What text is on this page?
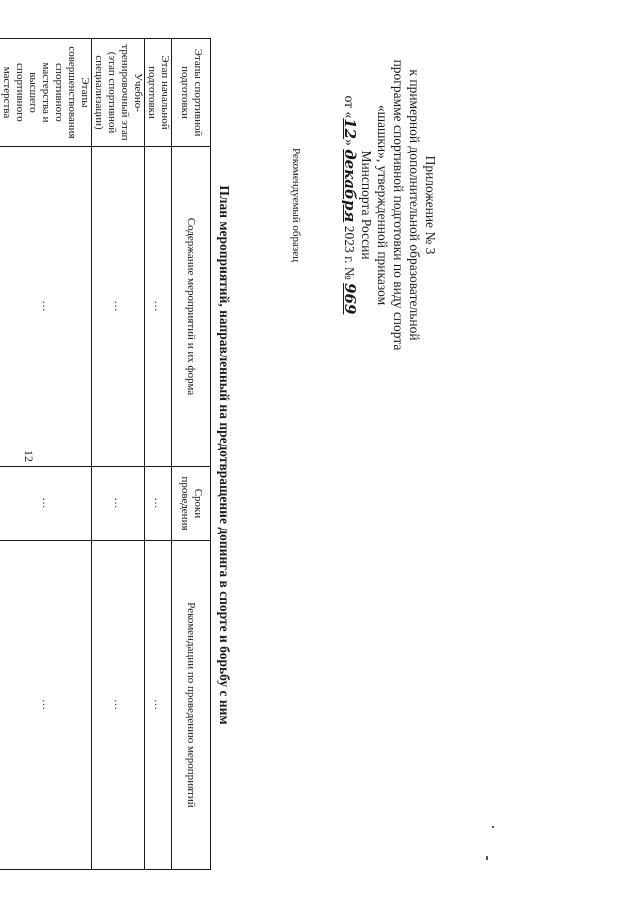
12
Приложение № 3
к примерной дополнительной образовательной
программе спортивной подготовки по виду спорта
«шашки», утвержденной приказом
Минспорта России
от «12» декабря 2023 г. № 969
Рекомендуемый образец
План мероприятий, направленный на предотвращение допинга в спорте и борьбу с ним
Этапы спортивной подготовки	Содержание мероприятий и их форма	Сроки проведения	Рекомендации по проведению мероприятий
Этап начальной подготовки	…	…	…
Учебно-тренировочный этап (этап спортивной специализации)	…	…	…
Этапы совершенствования спортивного мастерства и высшего спортивного мастерства	…	…	…
